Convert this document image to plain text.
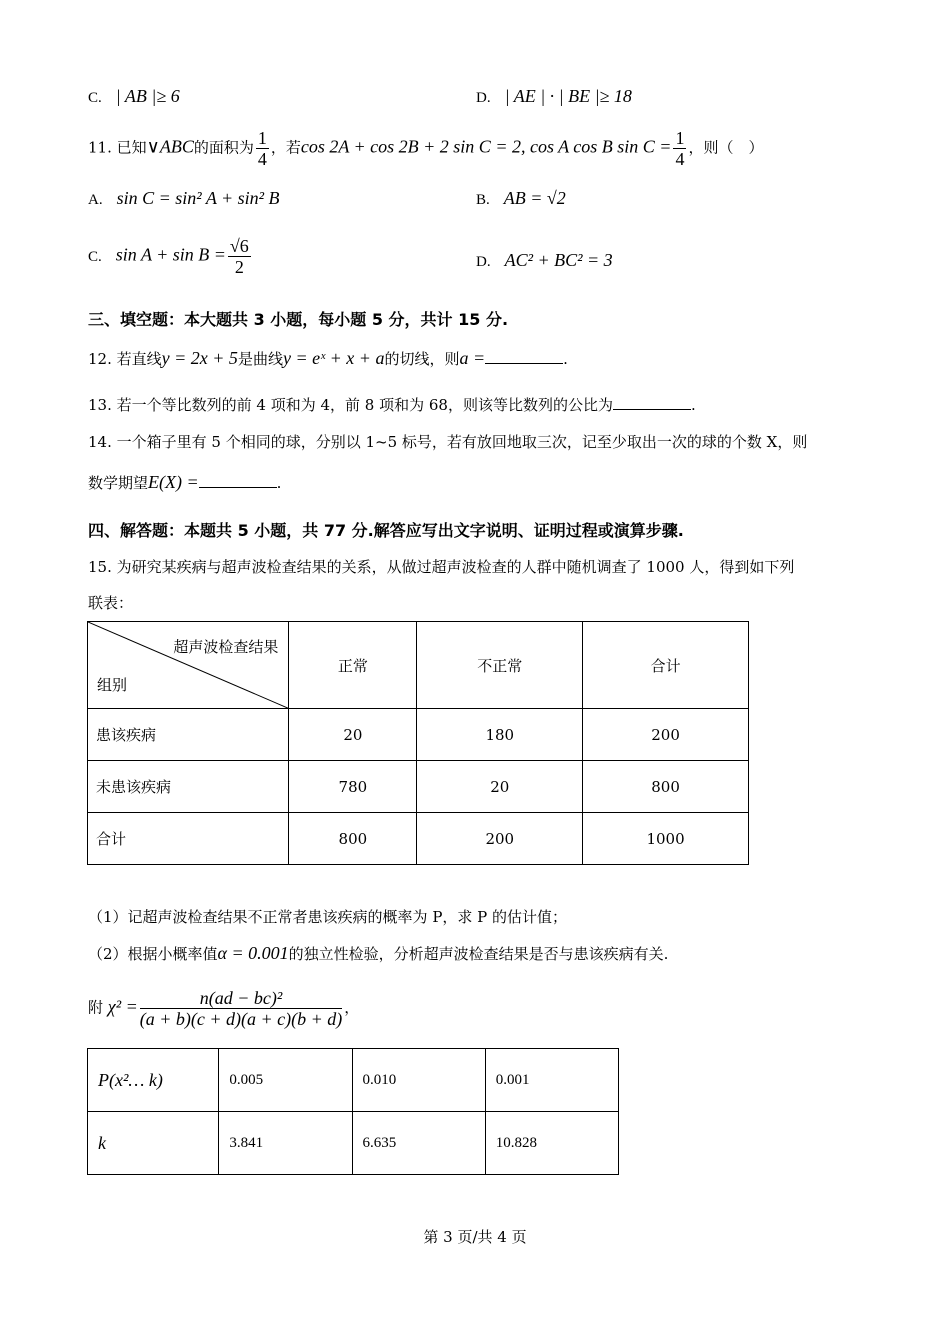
C. | AB |≥ 6	D. | AE | · | BE |≥ 18
11. 已知∨ABC的面积为 $\frac{1}{4}$ ，若cos 2A + cos 2B + 2 sin C = 2, cos A cos B $\sin C = \frac{1}{4}$ ，则（　）
A. sin C = sin² A + sin² B	B. AB = √2
C. $\sin A + \sin B = \frac{√6}{2}$	D. AC² + BC² = 3
三、填空题：本大题共 3 小题，每小题 5 分，共计 15 分.
12. 若直线y = 2x + 5是曲线y = eˣ + x + a的切线，则a =	.
13. 若一个等比数列的前 4 项和为 4，前 8 项和为 68，则该等比数列的公比为	.
14. 一个箱子里有 5 个相同的球，分别以 1~5 标号，若有放回地取三次，记至少取出一次的球的个数 X，则
数学期望E(X) =	.
四、解答题：本题共 5 小题，共 77 分.解答应写出文字说明、证明过程或演算步骤.
15. 为研究某疾病与超声波检查结果的关系，从做过超声波检查的人群中随机调查了 1000 人，得到如下列
联表：
超声波检查结果
组别	正常	不正常	合计
患该疾病	20	180	200
未患该疾病	780	20	800
合计	800	200	1000
（1）记超声波检查结果不正常者患该疾病的概率为 P，求 P 的估计值；
（2）根据小概率值α = 0.001的独立性检验，分析超声波检查结果是否与患该疾病有关.
附 $\chi^2 = \frac{\text{n(ad − bc)²}}{(a + b)(c + d)(a + c)(b + d)}$ ，
P(x²… k)	0.005	0.010	0.001
k	3.841	6.635	10.828
第 3 页/共 4 页
